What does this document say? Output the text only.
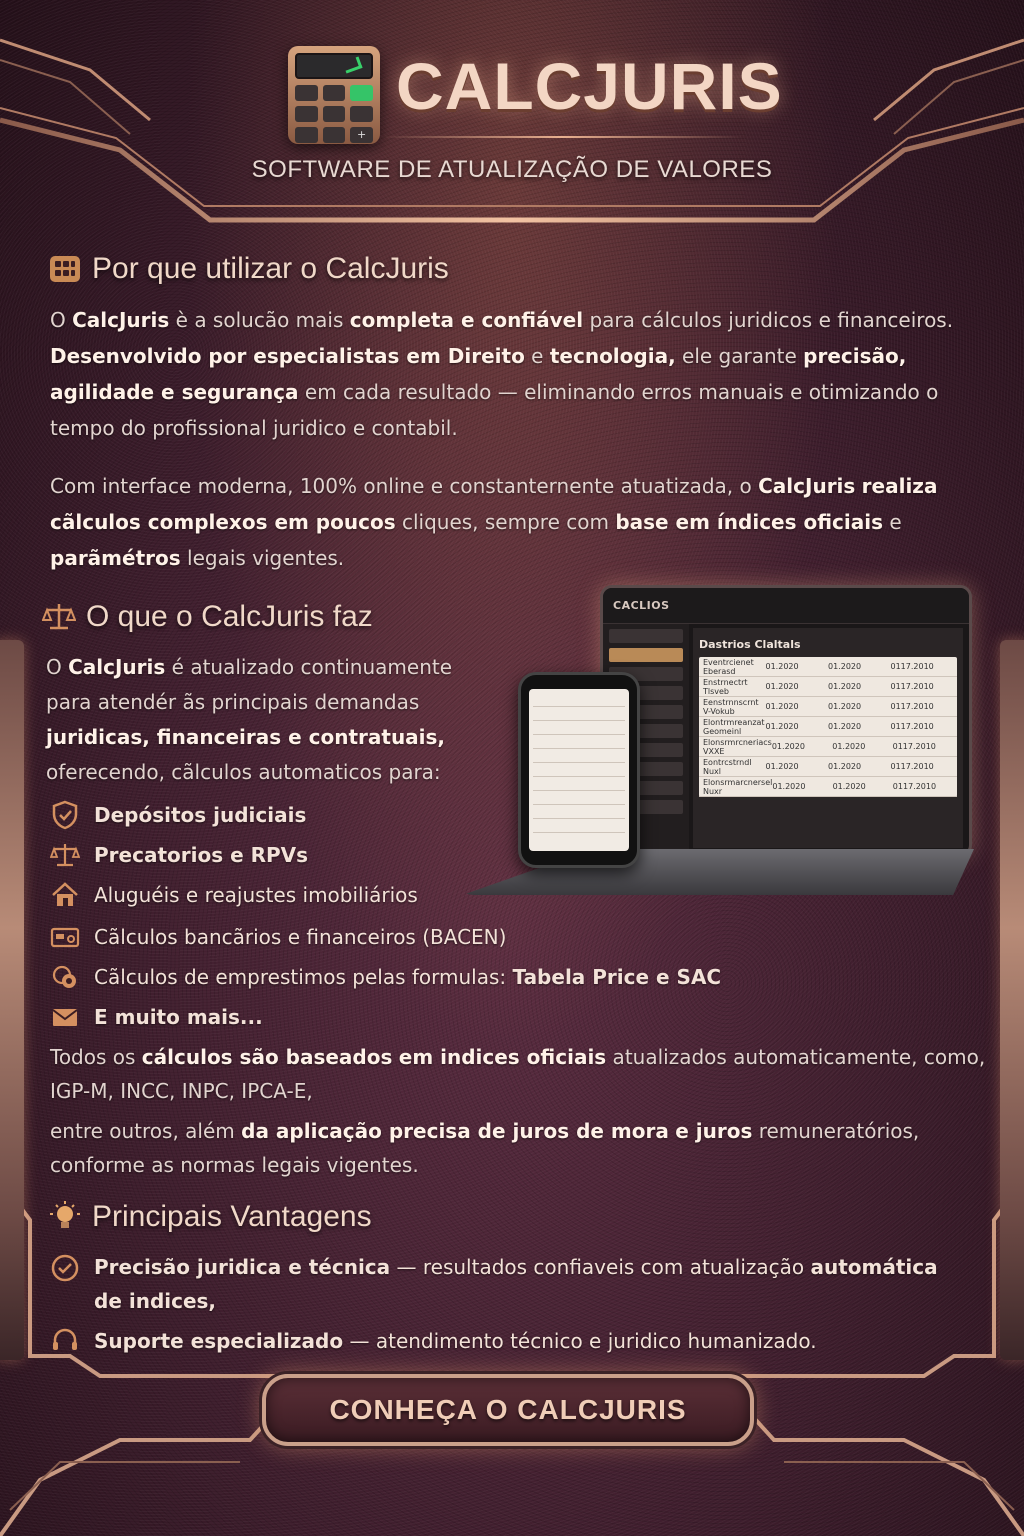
+
CALCJURIS
SOFTWARE DE ATUALIZAÇÃO DE VALORES
Por que utilizar o CalcJuris
O CalcJuris è a solucão mais completa e confiável para cálculos juridicos e financeiros. Desenvolvido por especialistas em Direito e tecnologia, ele garante precisão, agilidade e segurança em cada resultado — eliminando erros manuais e otimizando o tempo do profissional juridico e contabil.
Com interface moderna, 100% online e constanternente atuatizada, o CalcJuris realiza cãlculos complexos em poucos cliques, sempre com base em índices oficiais e parãmétros legais vigentes.
O que o CalcJuris faz
O CalcJuris é atualizado continuamente para atendér ãs principais demandas juridicas, financeiras e contratuais, oferecendo, cãlculos automaticos para:
CACLIOS
Dastrios Claltals
Eventrcienet Eberasd	01.2020	01.2020	0117.2010
Enstrnectrt Tlsveb	01.2020	01.2020	0117.2010
Eenstrnnscrnt V-Vokub	01.2020	01.2020	0117.2010
Elontrmreanzat Geomeinl	01.2020	01.2020	0117.2010
Elonsrmrcneriacs VXXE	01.2020	01.2020	0117.2010
Eontrcstrndl Nuxl	01.2020	01.2020	0117.2010
Elonsrmarcnersel Nuxr	01.2020	01.2020	0117.2010
Depósitos judiciais
Precatorios e RPVs
Aluguéis e reajustes imobiliários
Cãlculos bancãrios e financeiros (BACEN)
Cãlculos de emprestimos pelas formulas: Tabela Price e SAC
E muito mais...
Todos os cálculos são baseados em indices oficiais atualizados automaticamente, como, IGP-M, INCC, INPC, IPCA-E,
entre outros, além da aplicação precisa de juros de mora e juros remuneratórios, conforme as normas legais vigentes.
Principais Vantagens
Precisão juridica e técnica — resultados confiaveis com atualização automática de indices,
Suporte especializado — atendimento técnico e juridico humanizado.
CONHEÇA O CALCJURIS
